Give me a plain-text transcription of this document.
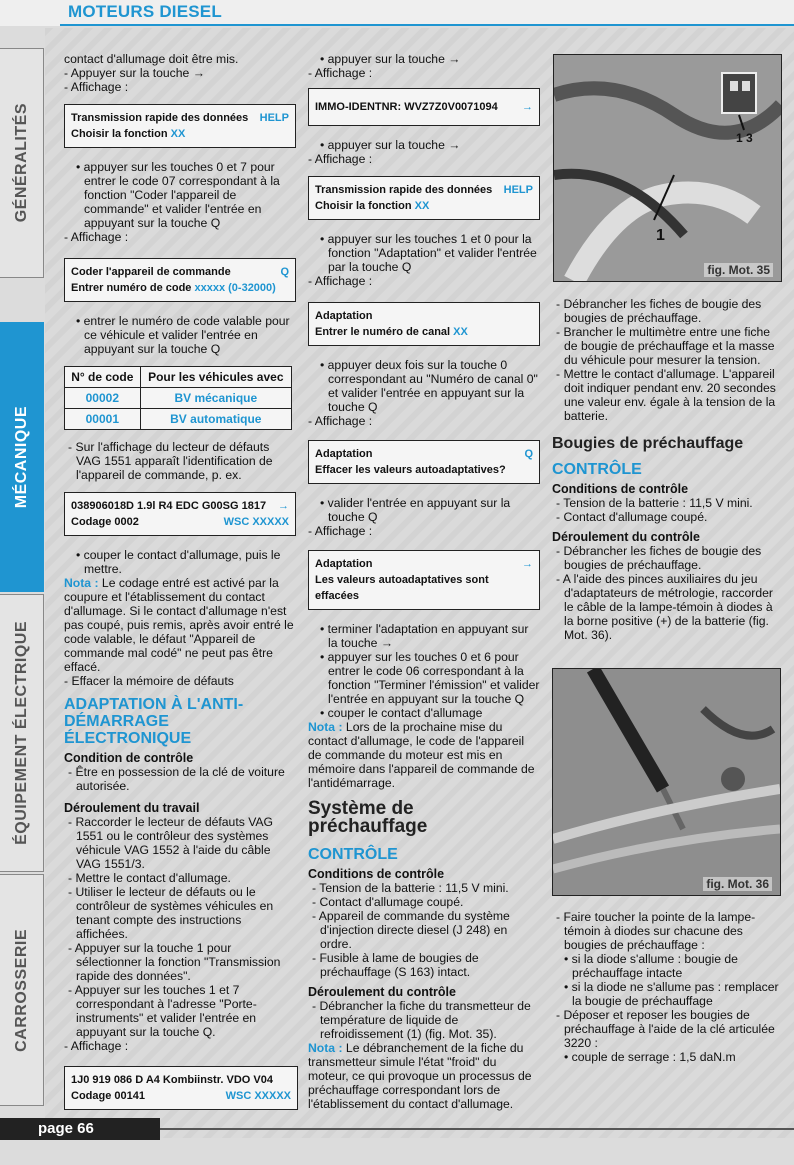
MOTEURS DIESEL
GÉNÉRALITÉS
MÉCANIQUE
ÉQUIPEMENT ÉLECTRIQUE
CARROSSERIE

contact d'allumage doit être mis.

- Appuyer sur la touche →

- Affichage :

Transmission rapide des données HELP
Choisir la fonction XX

• appuyer sur les touches 0 et 7 pour entrer le code 07 correspondant à la fonction "Coder l'appareil de commande" et valider l'entrée en appuyant sur la touche Q

- Affichage :

Coder l'appareil de commande	Q
Entrer numéro de code xxxxx (0-32000)

• entrer le numéro de code valable pour ce véhicule et valider l'entrée en appuyant sur la touche Q

N° de code	Pour les véhicules avec
00002	BV mécanique
00001	BV automatique

- Sur l'affichage du lecteur de défauts VAG 1551 apparaît l'identification de l'appareil de commande, p. ex.

038906018D 1.9l R4 EDC G00SG 1817 →
Codage 0002	WSC XXXXX

• couper le contact d'allumage, puis le mettre.

Nota : Le codage entré est activé par la coupure et l'établissement du contact d'allumage. Si le contact d'allumage n'est pas coupé, puis remis, après avoir entré le code valable, le défaut "Appareil de commande mal codé" ne peut pas être effacé.

- Effacer la mémoire de défauts

ADAPTATION À L'ANTI-DÉMARRAGE ÉLECTRONIQUE

Condition de contrôle

- Être en possession de la clé de voiture autorisée.

Déroulement du travail

- Raccorder le lecteur de défauts VAG 1551 ou le contrôleur des systèmes véhicule VAG 1552 à l'aide du câble VAG 1551/3.

- Mettre le contact d'allumage.

- Utiliser le lecteur de défauts ou le contrôleur de systèmes véhicules en tenant compte des instructions affichées.

- Appuyer sur la touche 1 pour sélectionner la fonction "Transmission rapide des données".

- Appuyer sur les touches 1 et 7 correspondant à l'adresse "Porte-instruments" et valider l'entrée en appuyant sur la touche Q.

- Affichage :

1J0 919 086 D A4 Kombiinstr. VDO V04
Codage 00141	WSC XXXXX

• appuyer sur la touche →

- Affichage :

IMMO-IDENTNR: WVZ7Z0V0071094 →

• appuyer sur la touche →

- Affichage :

Transmission rapide des données HELP
Choisir la fonction XX

• appuyer sur les touches 1 et 0 pour la fonction "Adaptation" et valider l'entrée par la touche Q

- Affichage :

Adaptation
Entrer le numéro de canal XX

• appuyer deux fois sur la touche 0 correspondant au "Numéro de canal 0" et valider l'entrée en appuyant sur la touche Q

- Affichage :

Adaptation	Q
Effacer les valeurs autoadaptatives?

• valider l'entrée en appuyant sur la touche Q

- Affichage :

Adaptation	→
Les valeurs autoadaptatives sont effacées

• terminer l'adaptation en appuyant sur la touche →

• appuyer sur les touches 0 et 6 pour entrer le code 06 correspondant à la fonction "Terminer l'émission" et valider l'entrée en appuyant sur la touche Q

• couper le contact d'allumage

Nota : Lors de la prochaine mise du contact d'allumage, le code de l'appareil de commande du moteur est mis en mémoire dans l'appareil de commande de l'antidémarrage.

Système de préchauffage
CONTRÔLE

Conditions de contrôle

- Tension de la batterie : 11,5 V mini.

- Contact d'allumage coupé.

- Appareil de commande du système d'injection directe diesel (J 248) en ordre.

- Fusible à lame de bougies de préchauffage (S 163) intact.

Déroulement du contrôle

- Débrancher la fiche du transmetteur de température de liquide de refroidissement (1) (fig. Mot. 35).

Nota : Le débranchement de la fiche du transmetteur simule l'état "froid" du moteur, ce qui provoque un processus de préchauffage correspondant lors de l'établissement du contact d'allumage.

1 3
1
fig. Mot. 35

- Débrancher les fiches de bougie des bougies de préchauffage.

- Brancher le multimètre entre une fiche de bougie de préchauffage et la masse du véhicule pour mesurer la tension.

- Mettre le contact d'allumage. L'appareil doit indiquer pendant env. 20 secondes une valeur env. égale à la tension de la batterie.

Bougies de préchauffage
CONTRÔLE

Conditions de contrôle

- Tension de la batterie : 11,5 V mini.

- Contact d'allumage coupé.

Déroulement du contrôle

- Débrancher les fiches de bougie des bougies de préchauffage.

- A l'aide des pinces auxiliaires du jeu d'adaptateurs de métrologie, raccorder le câble de la lampe-témoin à diodes à la borne positive (+) de la batterie (fig. Mot. 36).

fig. Mot. 36

- Faire toucher la pointe de la lampe-témoin à diodes sur chacune des bougies de préchauffage :

• si la diode s'allume : bougie de préchauffage intacte

• si la diode ne s'allume pas : remplacer la bougie de préchauffage

- Déposer et reposer les bougies de préchauffage à l'aide de la clé articulée 3220 :

• couple de serrage : 1,5 daN.m

page 66
